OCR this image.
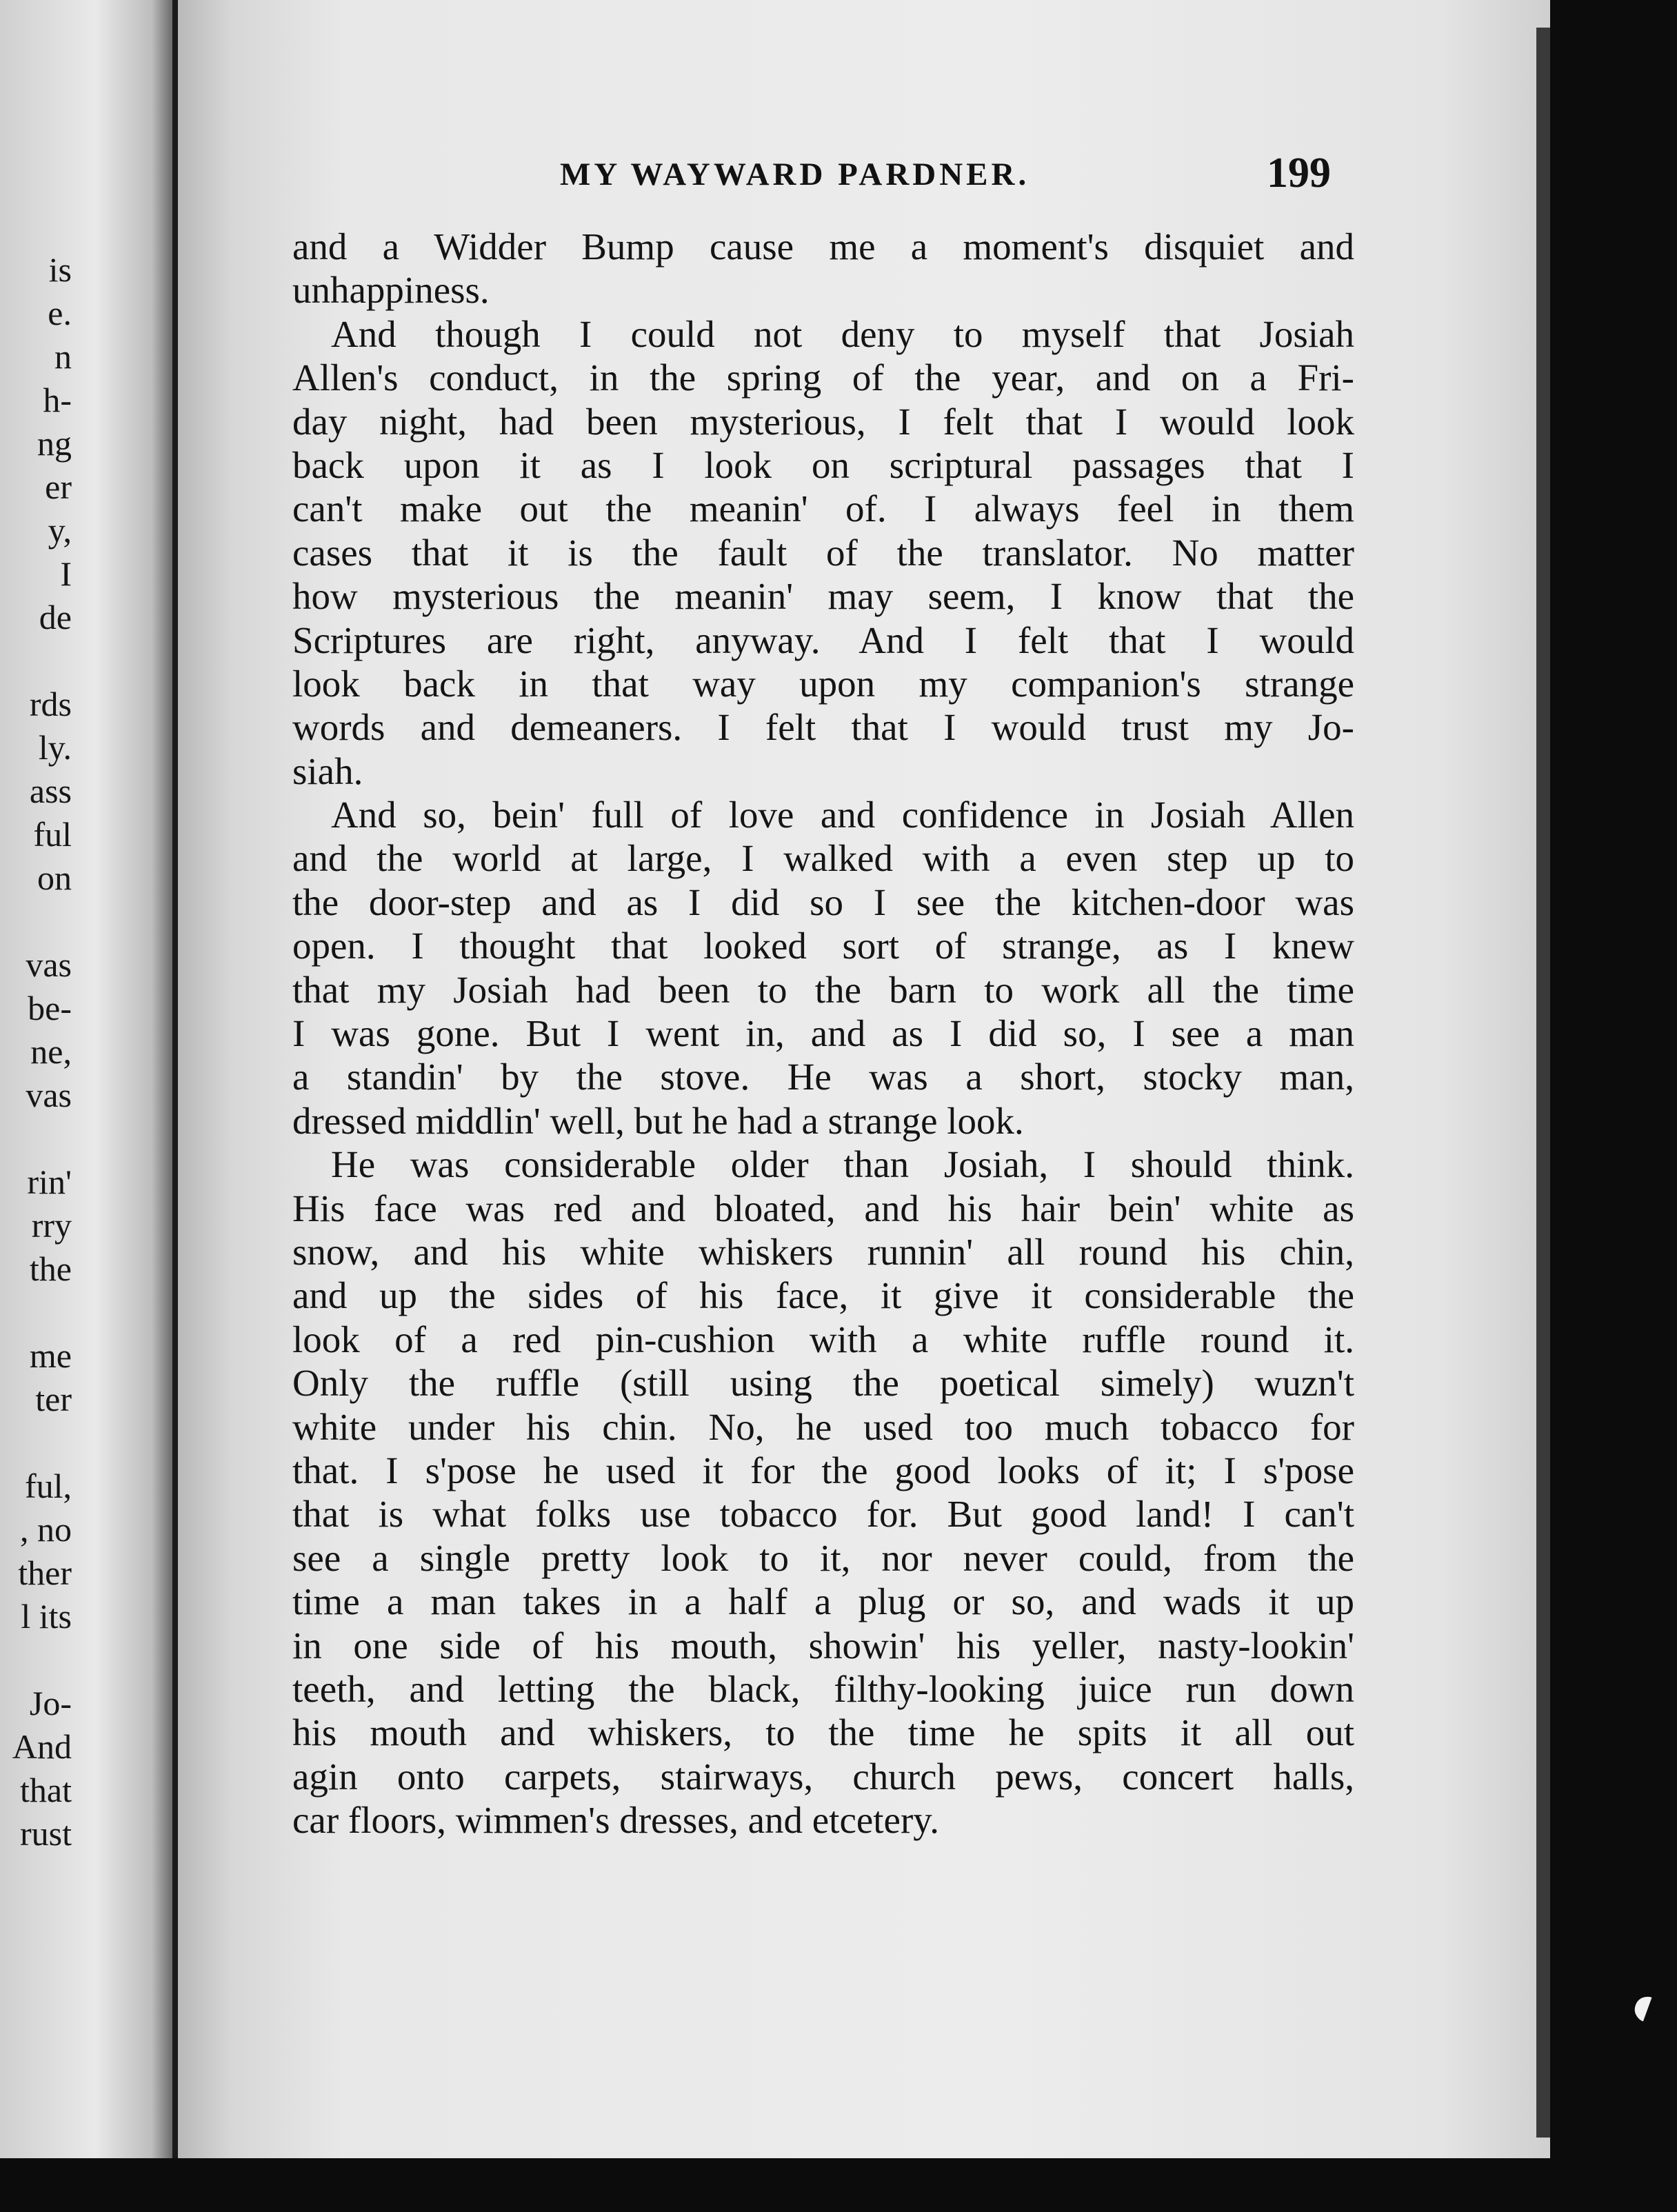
is
e.
n
h-
ng
er
y,
I
de
rds
ly.
ass
ful
on
vas
be-
ne,
vas
rin'
rry
the
me
ter
ful,
, no
ther
l its
Jo-
And
that
rust
MY WAYWARD PARDNER.	199
and a Widder Bump cause me a moment's disquiet and
unhappiness.
And though I could not deny to myself that Josiah
Allen's conduct, in the spring of the year, and on a Fri-
day night, had been mysterious, I felt that I would look
back upon it as I look on scriptural passages that I
can't make out the meanin' of. I always feel in them
cases that it is the fault of the translator. No matter
how mysterious the meanin' may seem, I know that the
Scriptures are right, anyway. And I felt that I would
look back in that way upon my companion's strange
words and demeaners. I felt that I would trust my Jo-
siah.
And so, bein' full of love and confidence in Josiah Allen
and the world at large, I walked with a even step up to
the door-step and as I did so I see the kitchen-door was
open. I thought that looked sort of strange, as I knew
that my Josiah had been to the barn to work all the time
I was gone. But I went in, and as I did so, I see a man
a standin' by the stove. He was a short, stocky man,
dressed middlin' well, but he had a strange look.
He was considerable older than Josiah, I should think.
His face was red and bloated, and his hair bein' white as
snow, and his white whiskers runnin' all round his chin,
and up the sides of his face, it give it considerable the
look of a red pin-cushion with a white ruffle round it.
Only the ruffle (still using the poetical simely) wuzn't
white under his chin. No, he used too much tobacco for
that. I s'pose he used it for the good looks of it; I s'pose
that is what folks use tobacco for. But good land! I can't
see a single pretty look to it, nor never could, from the
time a man takes in a half a plug or so, and wads it up
in one side of his mouth, showin' his yeller, nasty-lookin'
teeth, and letting the black, filthy-looking juice run down
his mouth and whiskers, to the time he spits it all out
agin onto carpets, stairways, church pews, concert halls,
car floors, wimmen's dresses, and etcetery.
◖
